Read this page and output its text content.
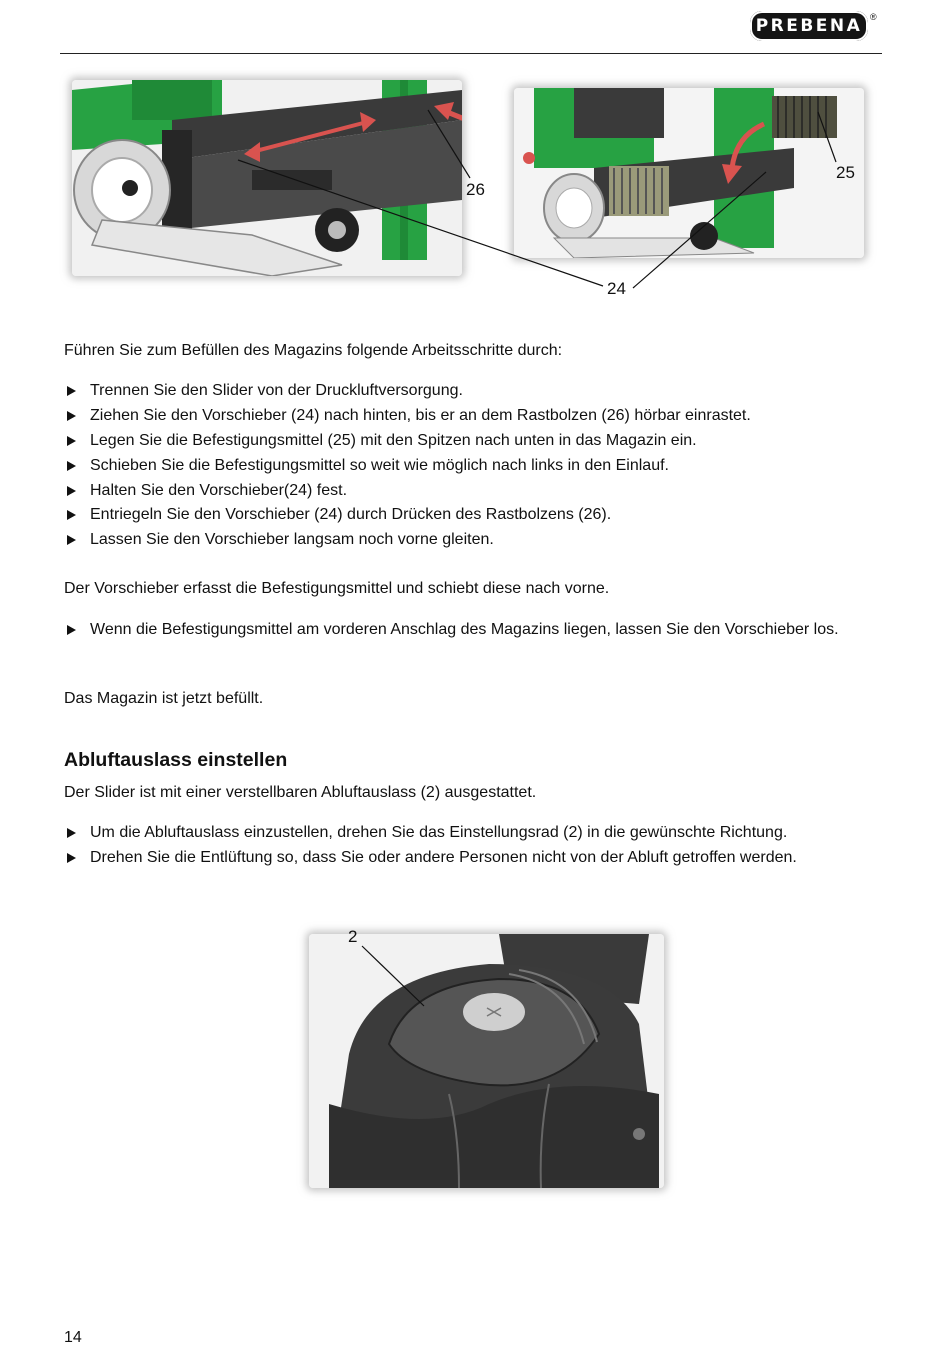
PREBENA ®
26
25
24

Führen Sie zum Befüllen des Magazins folgende Arbeitsschritte durch:

Trennen Sie den Slider von der Druckluftversorgung.
Ziehen Sie den Vorschieber (24) nach hinten, bis er an dem Rastbolzen (26) hörbar einrastet.
Legen Sie die Befestigungsmittel (25) mit den Spitzen nach unten in das Magazin ein.
Schieben Sie die Befestigungsmittel so weit wie möglich nach links in den Einlauf.
Halten Sie den Vorschieber(24) fest.
Entriegeln Sie den Vorschieber (24) durch Drücken des Rastbolzens (26).
Lassen Sie den Vorschieber langsam noch vorne gleiten.

Der Vorschieber erfasst die Befestigungsmittel und schiebt diese nach vorne.

Wenn die Befestigungsmittel am vorderen Anschlag des Magazins liegen, lassen Sie den Vorschieber los.

Das Magazin ist jetzt befüllt.

Abluftauslass einstellen

Der Slider ist mit einer verstellbaren Abluftauslass (2) ausgestattet.

Um die Abluftauslass einzustellen, drehen Sie das Einstellungsrad (2) in die gewünschte Richtung.
Drehen Sie die Entlüftung so, dass Sie oder andere Personen nicht von der Abluft getroffen werden.
2
14
